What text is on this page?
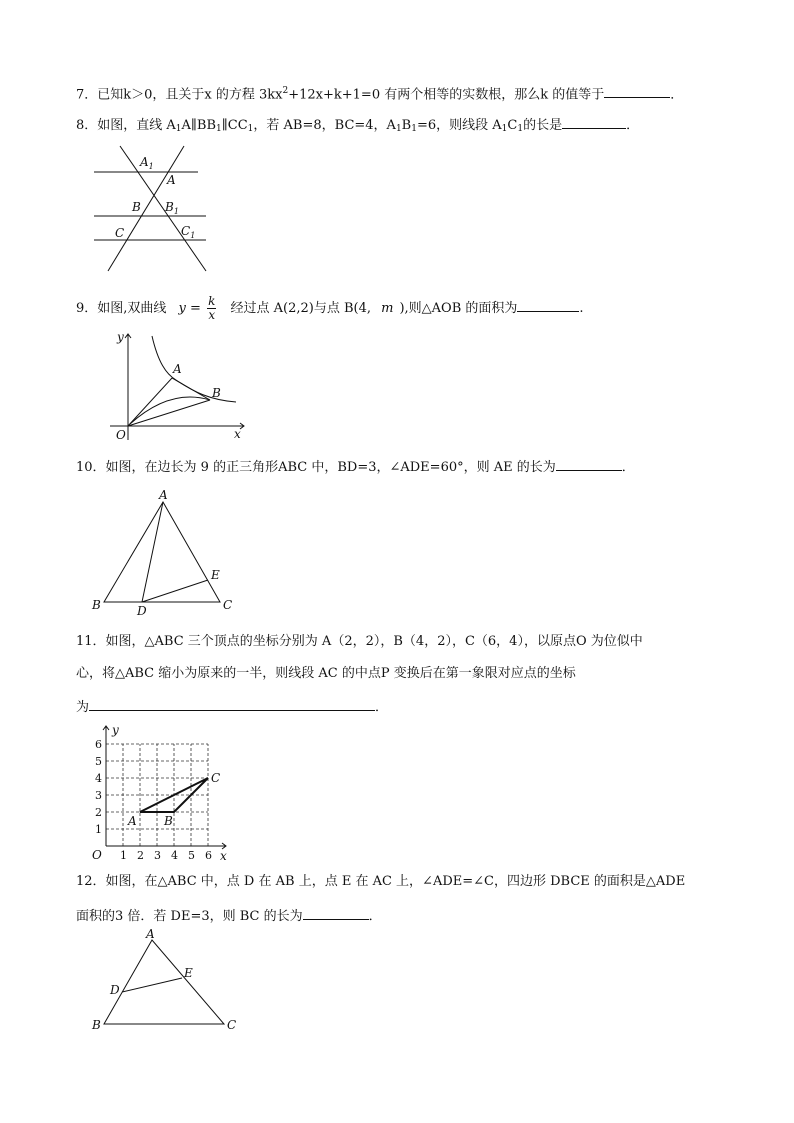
7．已知k＞0，且关于x 的方程 $3kx^2+12x+k+1=0$ 有两个相等的实数根，那么k 的值等于	．
8．如图，直线 $A_1A\parallel BB_1\parallel CC_1$，若 AB=8，BC=4，$A_1B_1=6$，则线段 $A_1C_1$的长是	．
$A_1$
A
B $B_1$
C	$C_1$
9．如图,双曲线 $y = \frac{k}{x}$ 经过点 A(2,2)与点 B(4, m ),则△AOB 的面积为	.
y
x
O
A
B
10．如图，在边长为 9 的正三角形ABC 中，BD=3，∠ADE=60°，则 AE 的长为	．
A
B	C
D
E
11．如图，△ABC 三个顶点的坐标分别为 A（2，2），B（4，2），C（6，4），以原点O 为位似中
心，将△ABC 缩小为原来的一半，则线段 AC 的中点P 变换后在第一象限对应点的坐标
为	．
y
x
O
A B
C
1 2 3 4 5 6
1
2
3
4
5
6
12．如图，在△ABC 中，点 D 在 AB 上，点 E 在 AC 上，∠ADE=∠C，四边形 DBCE 的面积是△ADE
面积的3 倍．若 DE=3，则 BC 的长为	．
A
B	C
D
E
